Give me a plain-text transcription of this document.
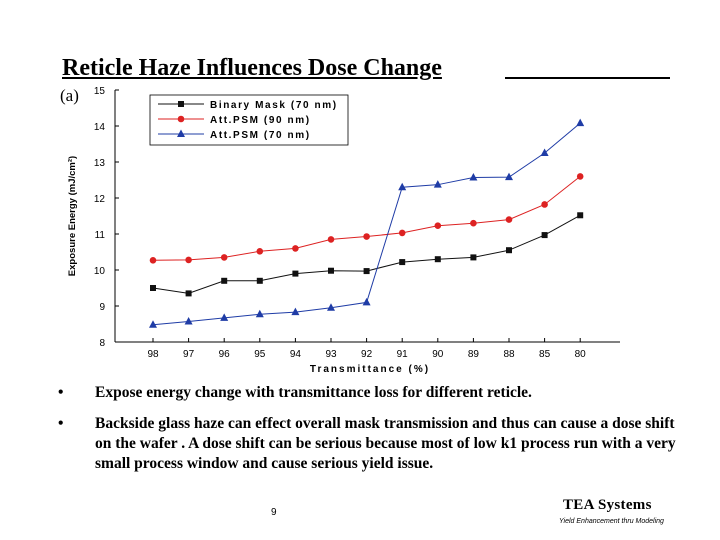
Reticle Haze Influences Dose Change
(a)
8
9
10
11
12
13
14
15
98 97 96 95 94 93 92 91 90 89 88 85 80
Transmittance (%)
Exposure Energy (mJ/cm²)
Binary Mask (70 nm)
Att.PSM (90 nm)
Att.PSM (70 nm)
• Expose energy change with transmittance loss for different reticle.
• Backside glass haze can effect overall mask transmission and thus can cause a dose shift on the wafer . A dose shift can be serious because most of low k1 process run with a very small process window and cause serious yield issue.
9	TEA Systems
Yield Enhancement thru Modeling
